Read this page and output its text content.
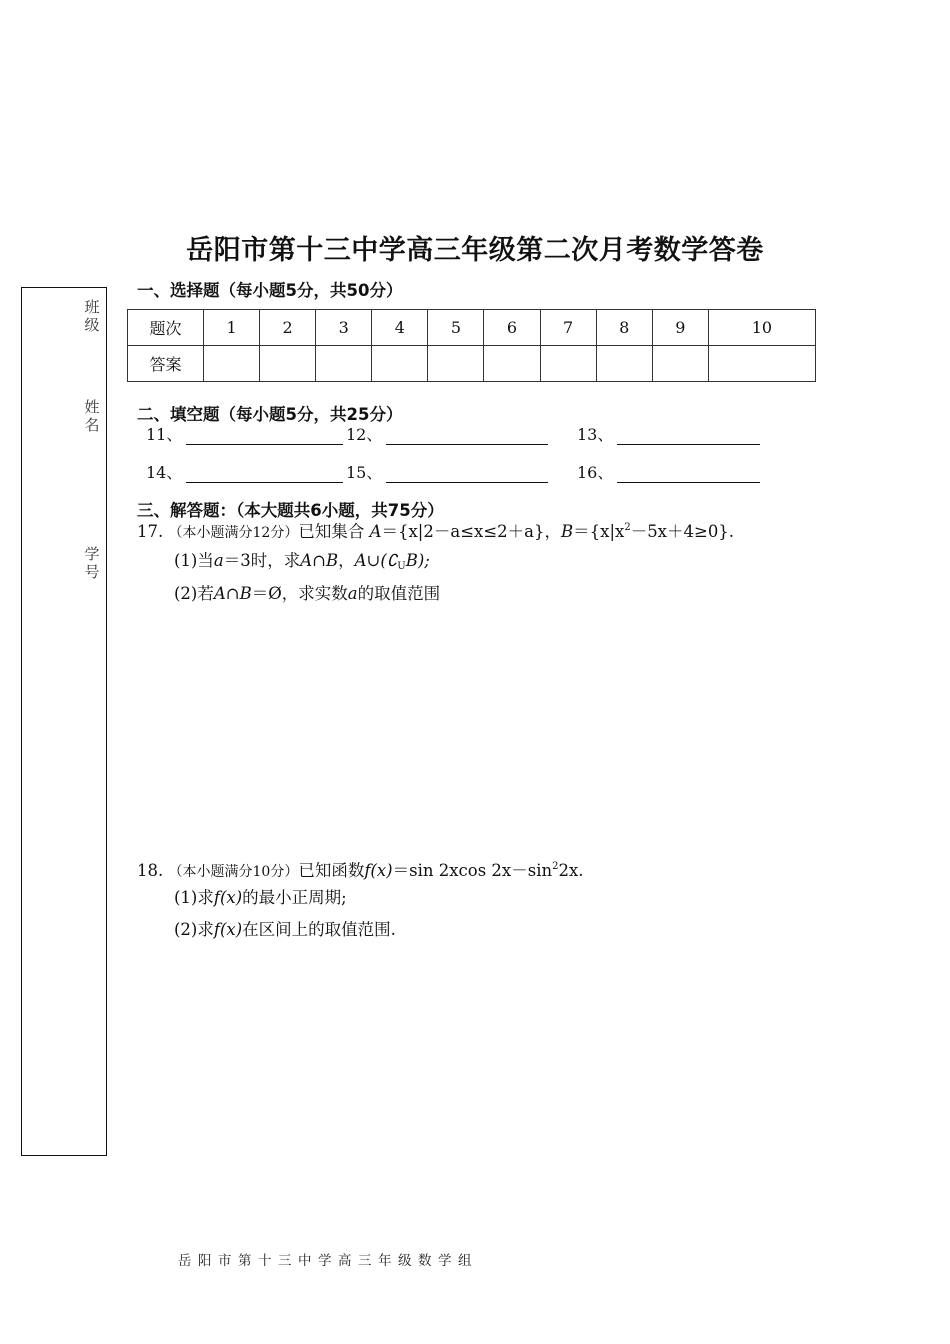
岳阳市第十三中学高三年级第二次月考数学答卷
班级
姓名
学号
一、选择题（每小题5分，共50分）
题次	1	2	3	4	5	6	7	8	9	10
答案										
二、填空题（每小题5分，共25分）
11、	12、	13、
14、	15、	16、
三、解答题：（本大题共6小题，共75分）
17. （本小题满分12分）已知集合 A＝{x|2－a≤x≤2＋a}，$B=\{x|x^2-5x+4\ge 0\}$.
(1)当a＝3时，求A∩B，$A\cup(∁_UB)$;
(2)若A∩B＝Ø，求实数a的取值范围
18. （本小题满分10分）已知函数f(x)＝sin 2xcos $2x-\sin^22x$.
(1)求f(x)的最小正周期;
(2)求f(x)在区间上的取值范围.
岳阳市第十三中学高三年级数学组
